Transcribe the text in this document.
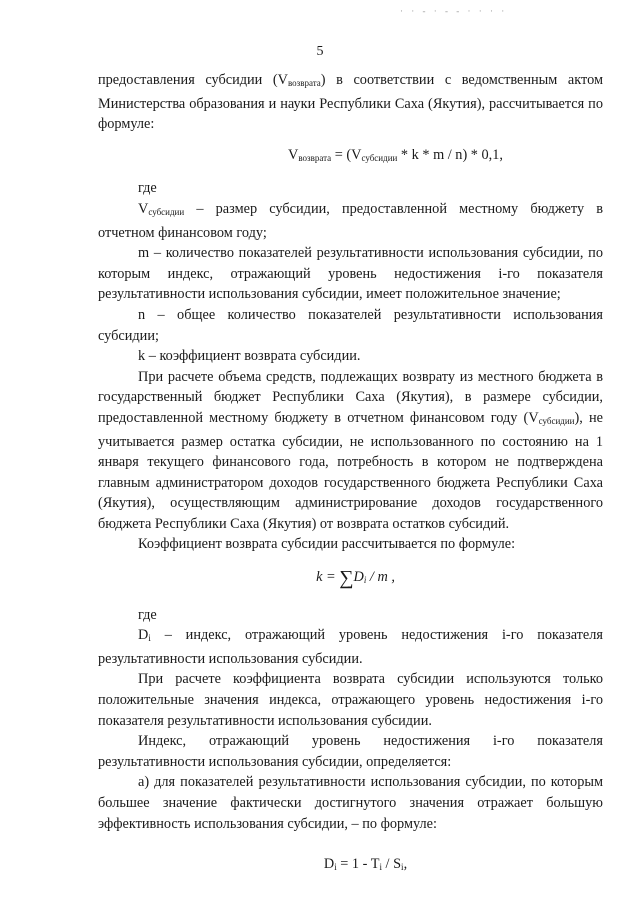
· · - · - - · · · ·
5

предоставления субсидии $(V_{возврата})$ в соответствии с ведомственным актом Министерства образования и науки Республики Саха (Якутия), рассчитывается по формуле:

$V_{возврата} = (V_{субсидии} * k * m / n) * 0,1$,

где

$V_{субсидии}$ – размер субсидии, предоставленной местному бюджету в отчетном финансовом году;

m – количество показателей результативности использования субсидии, по которым индекс, отражающий уровень недостижения i-го показателя результативности использования субсидии, имеет положительное значение;

n – общее количество показателей результативности использования субсидии;

k – коэффициент возврата субсидии.

При расчете объема средств, подлежащих возврату из местного бюджета в государственный бюджет Республики Саха (Якутия), в размере субсидии, предоставленной местному бюджету в отчетном финансовом году $(V_{субсидии})$, не учитывается размер остатка субсидии, не использованного по состоянию на 1 января текущего финансового года, потребность в котором не подтверждена главным администратором доходов государственного бюджета Республики Саха (Якутия), осуществляющим администрирование доходов государственного бюджета Республики Саха (Якутия) от возврата остатков субсидий.

Коэффициент возврата субсидии рассчитывается по формуле:

$k = \sum D_i / m$ ,

где

$D_i$ – индекс, отражающий уровень недостижения i-го показателя результативности использования субсидии.

При расчете коэффициента возврата субсидии используются только положительные значения индекса, отражающего уровень недостижения i-го показателя результативности использования субсидии.

Индекс, отражающий уровень недостижения i-го показателя результативности использования субсидии, определяется:

а) для показателей результативности использования субсидии, по которым большее значение фактически достигнутого значения отражает большую эффективность использования субсидии, – по формуле:

$D_i = 1 - T_i / S_i$,
